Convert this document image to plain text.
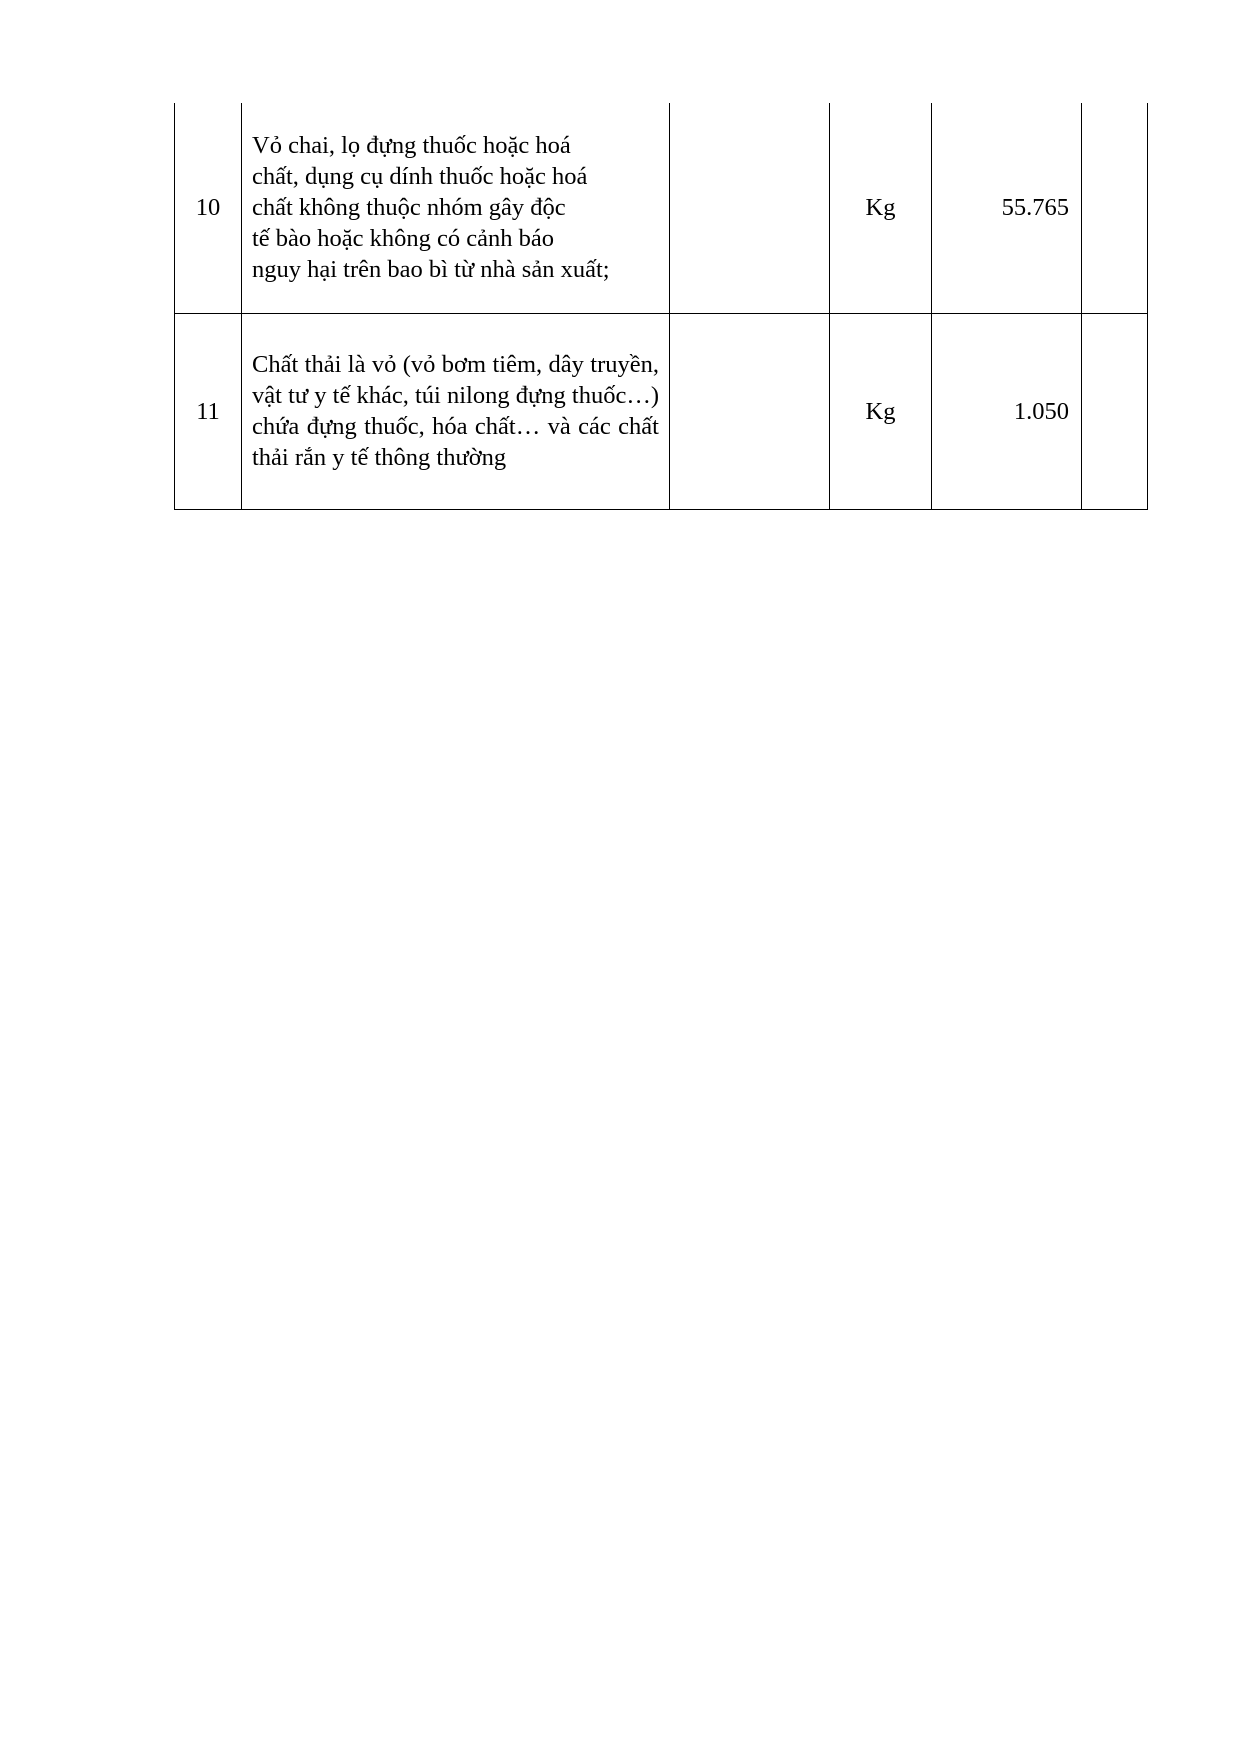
10	Vỏ chai, lọ đựng thuốc hoặc hoá
chất, dụng cụ dính thuốc hoặc hoá
chất không thuộc nhóm gây độc
tế bào hoặc không có cảnh báo
nguy hại trên bao bì từ nhà sản xuất;		Kg	55.765	
11	Chất thải là vỏ (vỏ bơm tiêm, dây truyền, vật tư y tế khác, túi nilong đựng thuốc…) chứa đựng thuốc, hóa chất… và các chất thải rắn y tế thông thường		Kg	1.050	
